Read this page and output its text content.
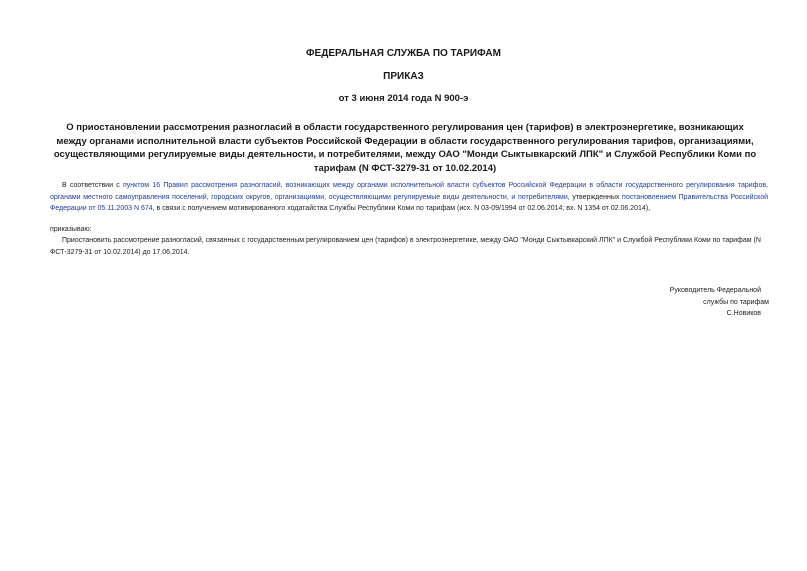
ФЕДЕРАЛЬНАЯ СЛУЖБА ПО ТАРИФАМ
ПРИКАЗ
от 3 июня 2014 года N 900-э
О приостановлении рассмотрения разногласий в области государственного регулирования цен (тарифов) в электроэнергетике, возникающих между органами исполнительной власти субъектов Российской Федерации в области государственного регулирования тарифов, организациями, осуществляющими регулируемые виды деятельности, и потребителями, между ОАО "Монди Сыктывкарский ЛПК" и Службой Республики Коми по тарифам (N ФСТ-3279-31 от 10.02.2014)
В соответствии с пунктом 16 Правил рассмотрения разногласий, возникающих между органами исполнительной власти субъектов Российской Федерации в области государственного регулирования тарифов, органами местного самоуправления поселений, городских округов, организациями, осуществляющими регулируемые виды деятельности, и потребителями, утвержденных постановлением Правительства Российской Федерации от 05.11.2003 N 674, в связи с получением мотивированного ходатайства Службы Республики Коми по тарифам (исх. N 03-09/1994 от 02.06.2014; вх. N 1354 от 02.06.2014),
приказываю:
Приостановить рассмотрение разногласий, связанных с государственным регулированием цен (тарифов) в электроэнергетике, между ОАО "Монди Сыктывкарский ЛПК" и Службой Республики Коми по тарифам (N ФСТ-3279-31 от 10.02.2014) до 17.06.2014.
Руководитель Федеральной
службы по тарифам
С.Новиков
